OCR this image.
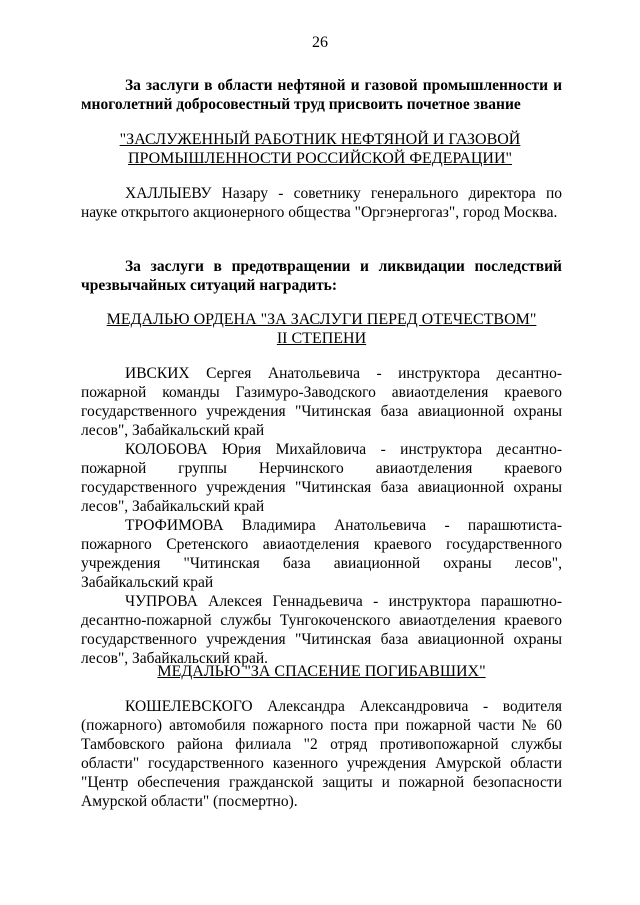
26
За заслуги в области нефтяной и газовой промышленности и многолетний добросовестный труд присвоить почетное звание
"ЗАСЛУЖЕННЫЙ РАБОТНИК НЕФТЯНОЙ И ГАЗОВОЙ ПРОМЫШЛЕННОСТИ РОССИЙСКОЙ ФЕДЕРАЦИИ"
ХАЛЛЫЕВУ Назару - советнику генерального директора по науке открытого акционерного общества "Оргэнергогаз", город Москва.
За заслуги в предотвращении и ликвидации последствий чрезвычайных ситуаций наградить:

МЕДАЛЬЮ ОРДЕНА "ЗА ЗАСЛУГИ ПЕРЕД ОТЕЧЕСТВОМ"

II СТЕПЕНИ

ИВСКИХ Сергея Анатольевича - инструктора десантно-пожарной команды Газимуро-Заводского авиаотделения краевого государственного учреждения "Читинская база авиационной охраны лесов", Забайкальский край

КОЛОБОВА Юрия Михайловича - инструктора десантно-пожарной группы Нерчинского авиаотделения краевого государственного учреждения "Читинская база авиационной охраны лесов", Забайкальский край

ТРОФИМОВА Владимира Анатольевича - парашютиста-пожарного Сретенского авиаотделения краевого государственного учреждения "Читинская база авиационной охраны лесов", Забайкальский край

ЧУПРОВА Алексея Геннадьевича - инструктора парашютно-десантно-пожарной службы Тунгокоченского авиаотделения краевого государственного учреждения "Читинская база авиационной охраны лесов", Забайкальский край.

МЕДАЛЬЮ "ЗА СПАСЕНИЕ ПОГИБАВШИХ"
КОШЕЛЕВСКОГО Александра Александровича - водителя (пожарного) автомобиля пожарного поста при пожарной части № 60 Тамбовского района филиала "2 отряд противопожарной службы области" государственного казенного учреждения Амурской области "Центр обеспечения гражданской защиты и пожарной безопасности Амурской области" (посмертно).
